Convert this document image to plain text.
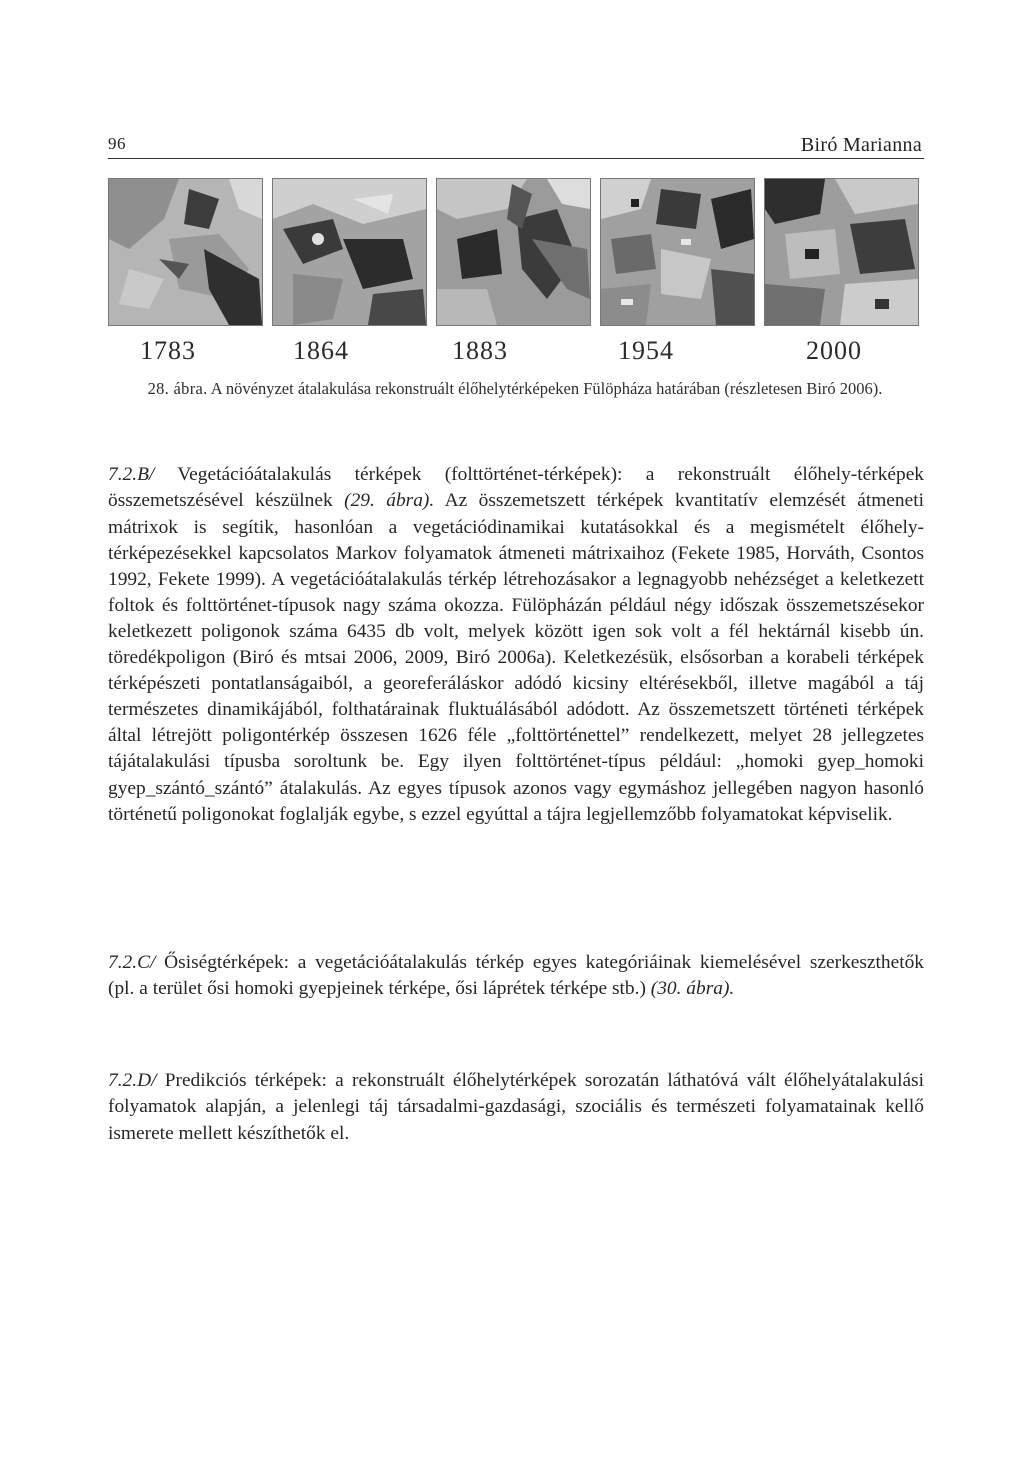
96	Biró Marianna
1783	1864	1883	1954	2000
28. ábra. A növényzet átalakulása rekonstruált élőhelytérképeken Fülöpháza határában (részletesen Biró 2006).

7.2.B/ Vegetációátalakulás térképek (folttörténet-térképek): a rekonstruált élőhely-térképek összemetszésével készülnek (29. ábra). Az összemetszett térképek kvantitatív elemzését átmeneti mátrixok is segítik, hasonlóan a vegetációdinamikai kutatásokkal és a megismételt élőhely-térképezésekkel kapcsolatos Markov folyamatok átmeneti mátrixaihoz (Fekete 1985, Horváth, Csontos 1992, Fekete 1999). A vegetációátalakulás térkép létrehozásakor a legnagyobb nehézséget a keletkezett foltok és folttörténet-típusok nagy száma okozza. Fülöpházán például négy időszak összemetszésekor keletkezett poligonok száma 6435 db volt, melyek között igen sok volt a fél hektárnál kisebb ún. töredékpoligon (Biró és mtsai 2006, 2009, Biró 2006a). Keletkezésük, elsősorban a korabeli térképek térképészeti pontatlanságaiból, a georeferáláskor adódó kicsiny eltérésekből, illetve magából a táj természetes dinamikájából, folthatárainak fluktuálásából adódott. Az összemetszett történeti térképek által létrejött poligontérkép összesen 1626 féle „folttörténettel” rendelkezett, melyet 28 jellegzetes tájátalakulási típusba soroltunk be. Egy ilyen folttörténet-típus például: „homoki gyep_homoki gyep_szántó_szántó” átalakulás. Az egyes típusok azonos vagy egymáshoz jellegében nagyon hasonló történetű poligonokat foglalják egybe, s ezzel egyúttal a tájra legjellemzőbb folyamatokat képviselik.

7.2.C/ Ősiségtérképek: a vegetációátalakulás térkép egyes kategóriáinak kiemelésével szerkeszthetők (pl. a terület ősi homoki gyepjeinek térképe, ősi láprétek térképe stb.) (30. ábra).

7.2.D/ Predikciós térképek: a rekonstruált élőhelytérképek sorozatán láthatóvá vált élőhelyátalakulási folyamatok alapján, a jelenlegi táj társadalmi-gazdasági, szociális és természeti folyamatainak kellő ismerete mellett készíthetők el.
